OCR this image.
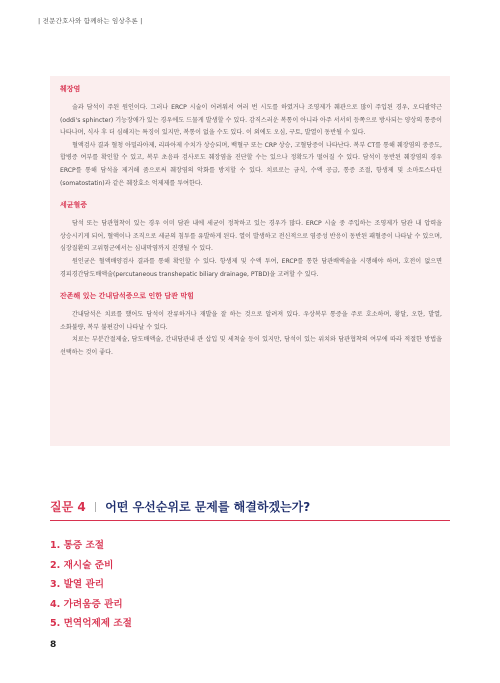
| 전문간호사와 함께하는 임상추론 |
췌장염

술과 담석이 주된 원인이다. 그러나 ERCP 시술이 어려워서 여러 번 시도를 하였거나 조영제가 췌관으로 많이 주입된 경우, 오디괄약근(oddi's sphincter) 기능장애가 있는 경우에도 드물게 발생할 수 있다. 감직스러운 복통이 아니라 아주 서서히 등쪽으로 방사되는 양상의 통증이 나타나며, 식사 후 더 심해지는 특징이 있지만, 복통이 없을 수도 있다. 이 외에도 오심, 구토, 발열이 동반될 수 있다.

혈액검사 결과 혈청 아밀라아제, 리파아제 수치가 상승되며, 백혈구 또는 CRP 상승, 고혈당증이 나타난다. 복부 CT를 통해 췌장염의 중증도, 합병증 여부를 확인할 수 있고, 복부 초음파 검사로도 췌장염을 진단할 수는 있으나 정확도가 떨어질 수 있다. 담석이 동반된 췌장염의 경우 ERCP를 통해 담석을 제거해 줌으로써 췌장염의 악화를 방지할 수 있다. 치료로는 금식, 수액 공급, 통증 조절, 항생제 및 소마토스타틴(somatostatin)과 같은 췌장효소 억제제를 투여한다.

세균혈증

담석 또는 담관협착이 있는 경우 이미 담관 내에 세균이 정착하고 있는 경우가 많다. ERCP 시술 중 주입하는 조영제가 담관 내 압력을 상승시키게 되어, 혈액이나 조직으로 세균의 침투를 유발하게 된다. 열이 발생하고 전신적으로 염증성 반응이 동반된 패혈증이 나타날 수 있으며, 심장질환의 고위험군에서는 심내막염까지 진행될 수 있다.

원인균은 혈액배양검사 결과를 통해 확인할 수 있다. 항생제 및 수액 투여, ERCP를 통한 담관배액술을 시행해야 하며, 호전이 없으면 경피경간담도배액술(percutaneous transhepatic biliary drainage, PTBD)을 고려할 수 있다.

잔존해 있는 간내담석증으로 인한 담관 막힘

간내담석은 치료를 했어도 담석이 잔류하거나 재발을 잘 하는 것으로 알려져 있다. 우상복부 통증을 주로 호소하며, 황달, 오한, 발열, 소화불량, 복부 불편감이 나타날 수 있다.

치료는 부분간절제술, 담도배액술, 간내담관내 관 삽입 및 세척술 등이 있지만, 담석이 있는 위치와 담관협착의 여부에 따라 적절한 방법을 선택하는 것이 좋다.

질문 4 어떤 우선순위로 문제를 해결하겠는가?
1. 통증 조절
2. 재시술 준비
3. 발열 관리
4. 가려움증 관리
5. 면역억제제 조절
8
